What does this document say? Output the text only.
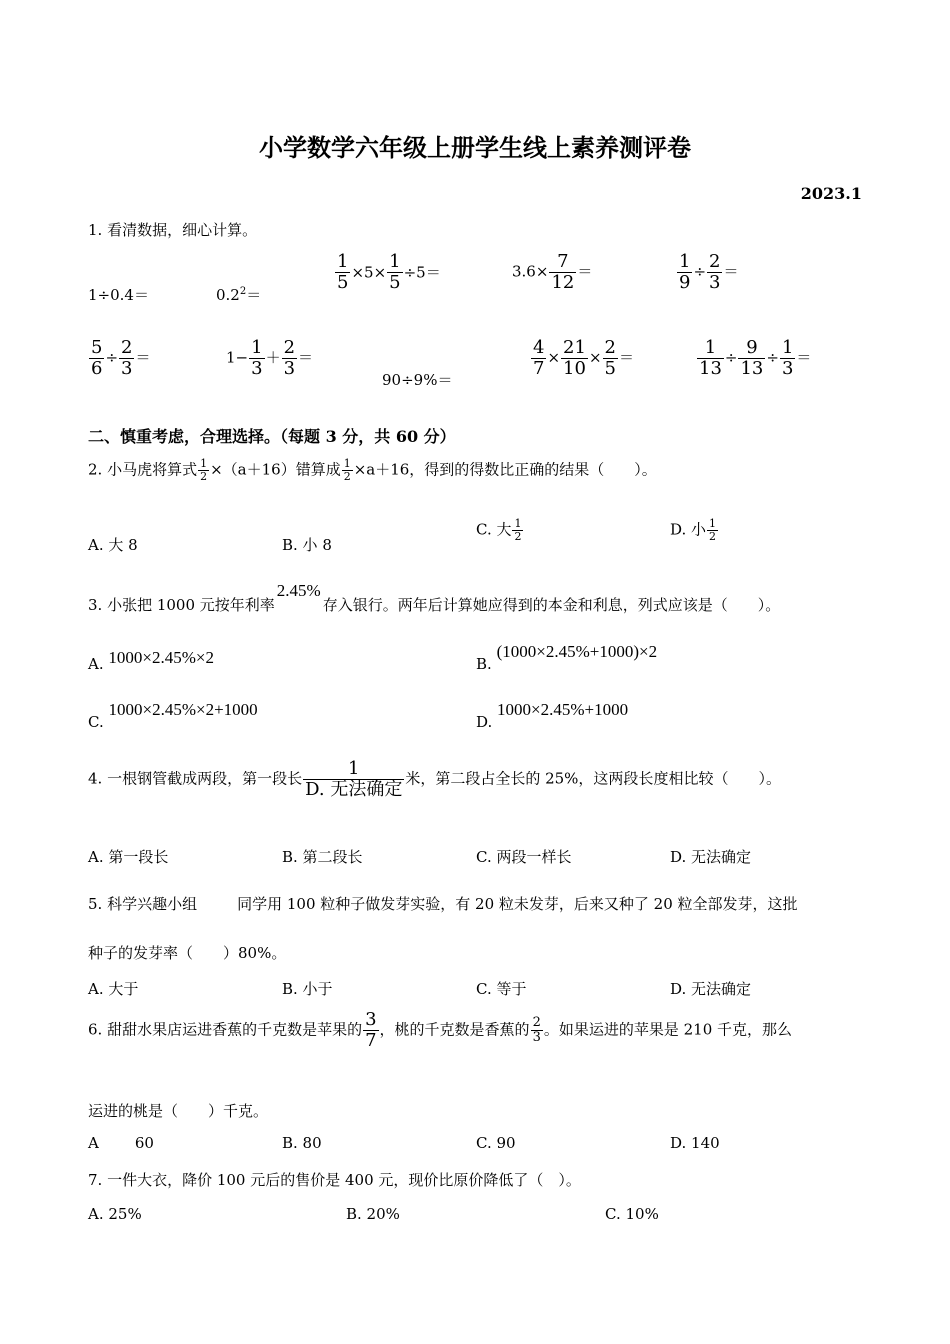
小学数学六年级上册学生线上素养测评卷
2023.1
1. 看清数据，细心计算。
1÷0.4＝	$0.2^2=$
$\frac{1}{5} \times 5\times \frac{1}{5} \div 5=$	$3.6\times \frac{7}{12}$ ＝	$\frac{1}{9} \div \frac{2}{3}$ ＝
$\frac{5}{6} \div \frac{2}{3}$ ＝	$1- \frac{1}{3} + \frac{2}{3}$ ＝
90÷9%＝
$\frac{4}{7} \times \frac{21}{10} \times \frac{2}{5}$ ＝	$\frac{1}{13} \div \frac{9}{13} \div \frac{1}{3}$ ＝
二、慎重考虑，合理选择。（每题 3 分，共 60 分）
2. 小马虎将算式 $\frac{1}{2} \times(a+16)$错算成 $\frac{1}{2} \times a+16$，得到的得数比正确的结果（　　）。
A. 大 8	B. 小 8
C. 大 $\frac{1}{2}$	D. 小 $\frac{1}{2}$
3. 小张把 1000 元按年利率2.45%存入银行。两年后计算她应得到的本金和利息，列式应该是（　　）。
A. 1000×2.45%×2	B. (1000×2.45%+1000)×2
C. 1000×2.45%×2+1000
D. 1000×2.45%+1000
4. 一根钢管截成两段，第一段长 $\frac{1}{\text{D. 无法确定}}$ 米，第二段占全长的 25%，这两段长度相比较（　　）。
A. 第一段长	B. 第二段长	C. 两段一样长	D. 无法确定
5. 科学兴趣小组	同学用 100 粒种子做发芽实验，有 20 粒未发芽，后来又种了 20 粒全部发芽，这批
种子的发芽率（　　）80%。
A. 大于	B. 小于	C. 等于	D. 无法确定
6. 甜甜水果店运进香蕉的千克数是苹果的 $\frac{3}{7}$ ，桃的千克数是香蕉的 $\frac{2}{3}$ 。如果运进的苹果是 210 千克，那么
运进的桃是（　　）千克。
A 60	B. 80	C. 90	D. 140
7. 一件大衣，降价 100 元后的售价是 400 元，现价比原价降低了（　）。
A. 25%	B. 20%	C. 10%
